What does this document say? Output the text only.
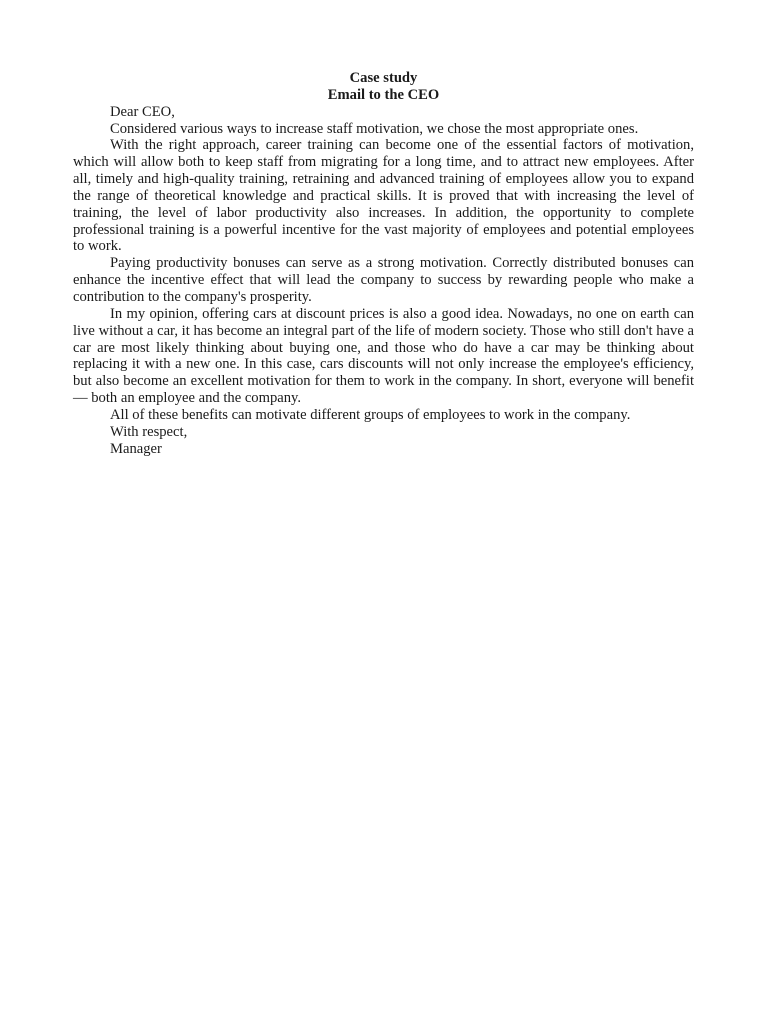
Case study

Email to the CEO

Dear CEO,

Considered various ways to increase staff motivation, we chose the most appropriate ones.

With the right approach, career training can become one of the essential factors of motivation, which will allow both to keep staff from migrating for a long time, and to attract new employees. After all, timely and high-quality training, retraining and advanced training of employees allow you to expand the range of theoretical knowledge and practical skills. It is proved that with increasing the level of training, the level of labor productivity also increases. In addition, the opportunity to complete professional training is a powerful incentive for the vast majority of employees and potential employees to work.

Paying productivity bonuses can serve as a strong motivation. Correctly distributed bonuses can enhance the incentive effect that will lead the company to success by rewarding people who make a contribution to the company's prosperity.

In my opinion, offering cars at discount prices is also a good idea. Nowadays, no one on earth can live without a car, it has become an integral part of the life of modern society. Those who still don't have a car are most likely thinking about buying one, and those who do have a car may be thinking about replacing it with a new one. In this case, cars discounts will not only increase the employee's efficiency, but also become an excellent motivation for them to work in the company. In short, everyone will benefit — both an employee and the company.

All of these benefits can motivate different groups of employees to work in the company.

With respect,

Manager
